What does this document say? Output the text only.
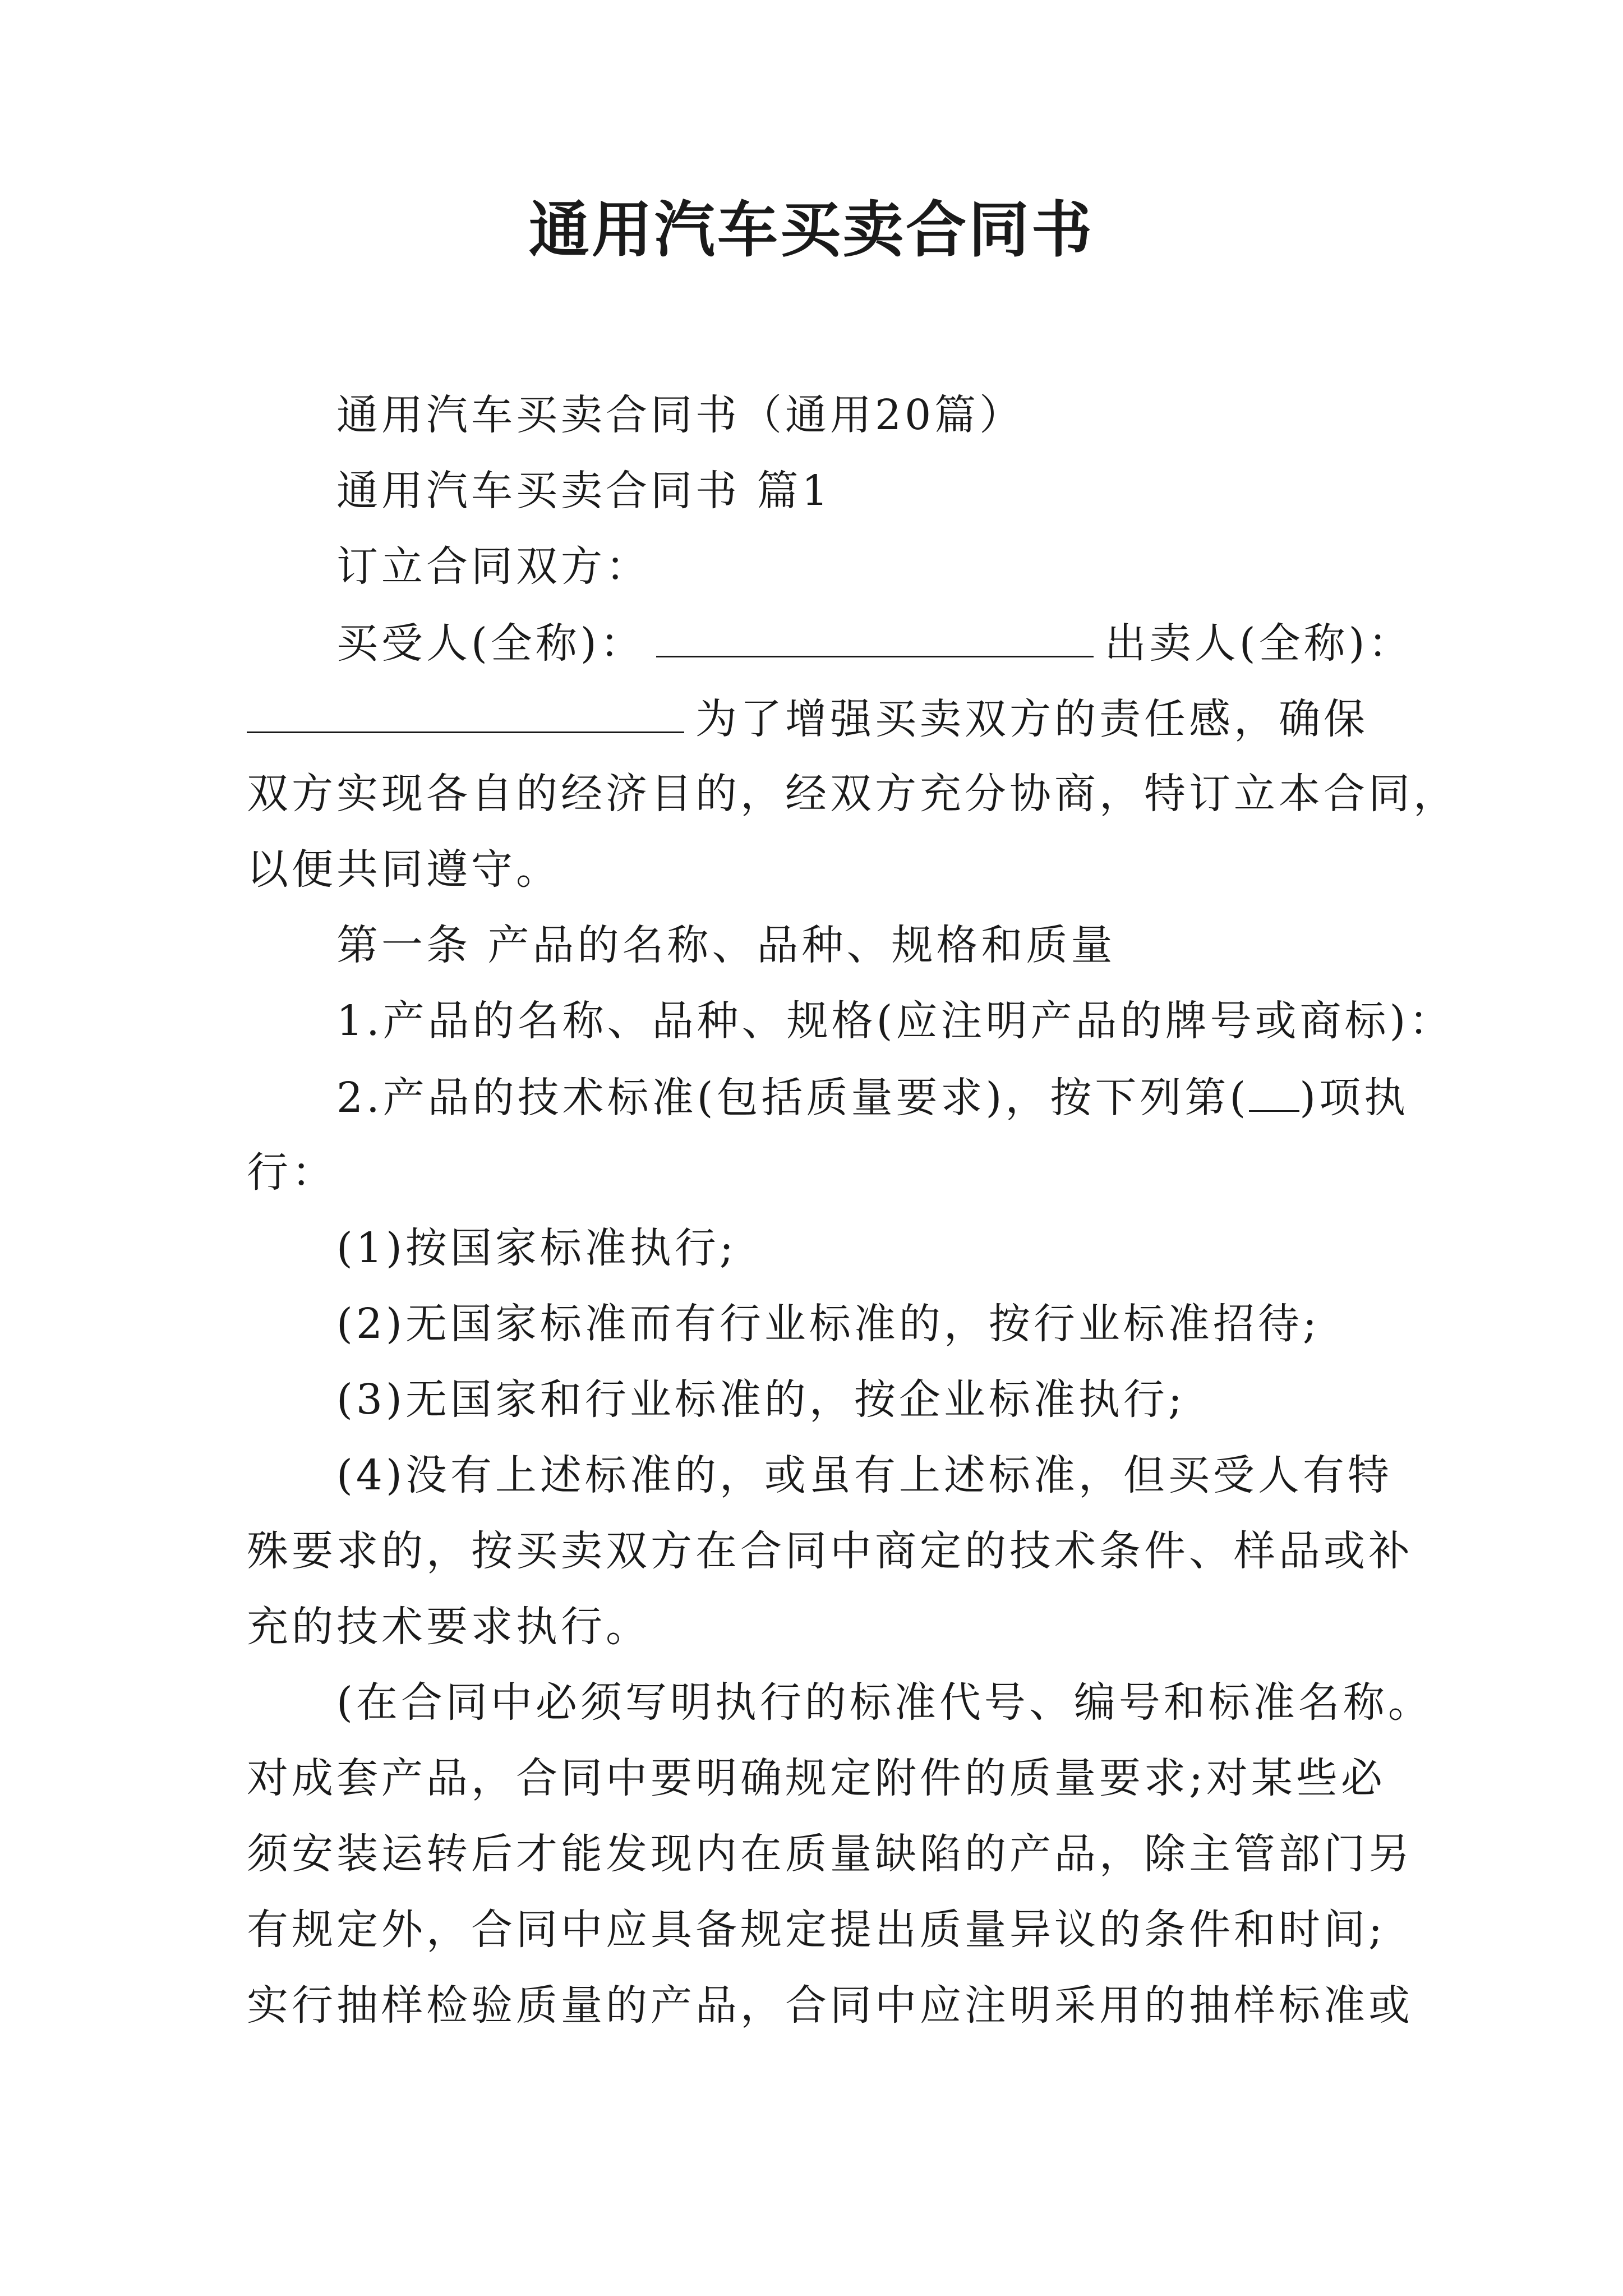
通用汽车买卖合同书
通用汽车买卖合同书（通用20篇）
通用汽车买卖合同书 篇1
订立合同双方：
买受人(全称)：	出卖人(全称)：
为了增强买卖双方的责任感，确保
双方实现各自的经济目的，经双方充分协商，特订立本合同，
以便共同遵守。
第一条 产品的名称、品种、规格和质量
1.产品的名称、品种、规格(应注明产品的牌号或商标)：
2.产品的技术标准(包括质量要求)，按下列第( )项执
行：
(1)按国家标准执行;
(2)无国家标准而有行业标准的，按行业标准招待;
(3)无国家和行业标准的，按企业标准执行;
(4)没有上述标准的，或虽有上述标准，但买受人有特
殊要求的，按买卖双方在合同中商定的技术条件、样品或补
充的技术要求执行。
(在合同中必须写明执行的标准代号、编号和标准名称。
对成套产品，合同中要明确规定附件的质量要求;对某些必
须安装运转后才能发现内在质量缺陷的产品，除主管部门另
有规定外，合同中应具备规定提出质量异议的条件和时间;
实行抽样检验质量的产品，合同中应注明采用的抽样标准或
